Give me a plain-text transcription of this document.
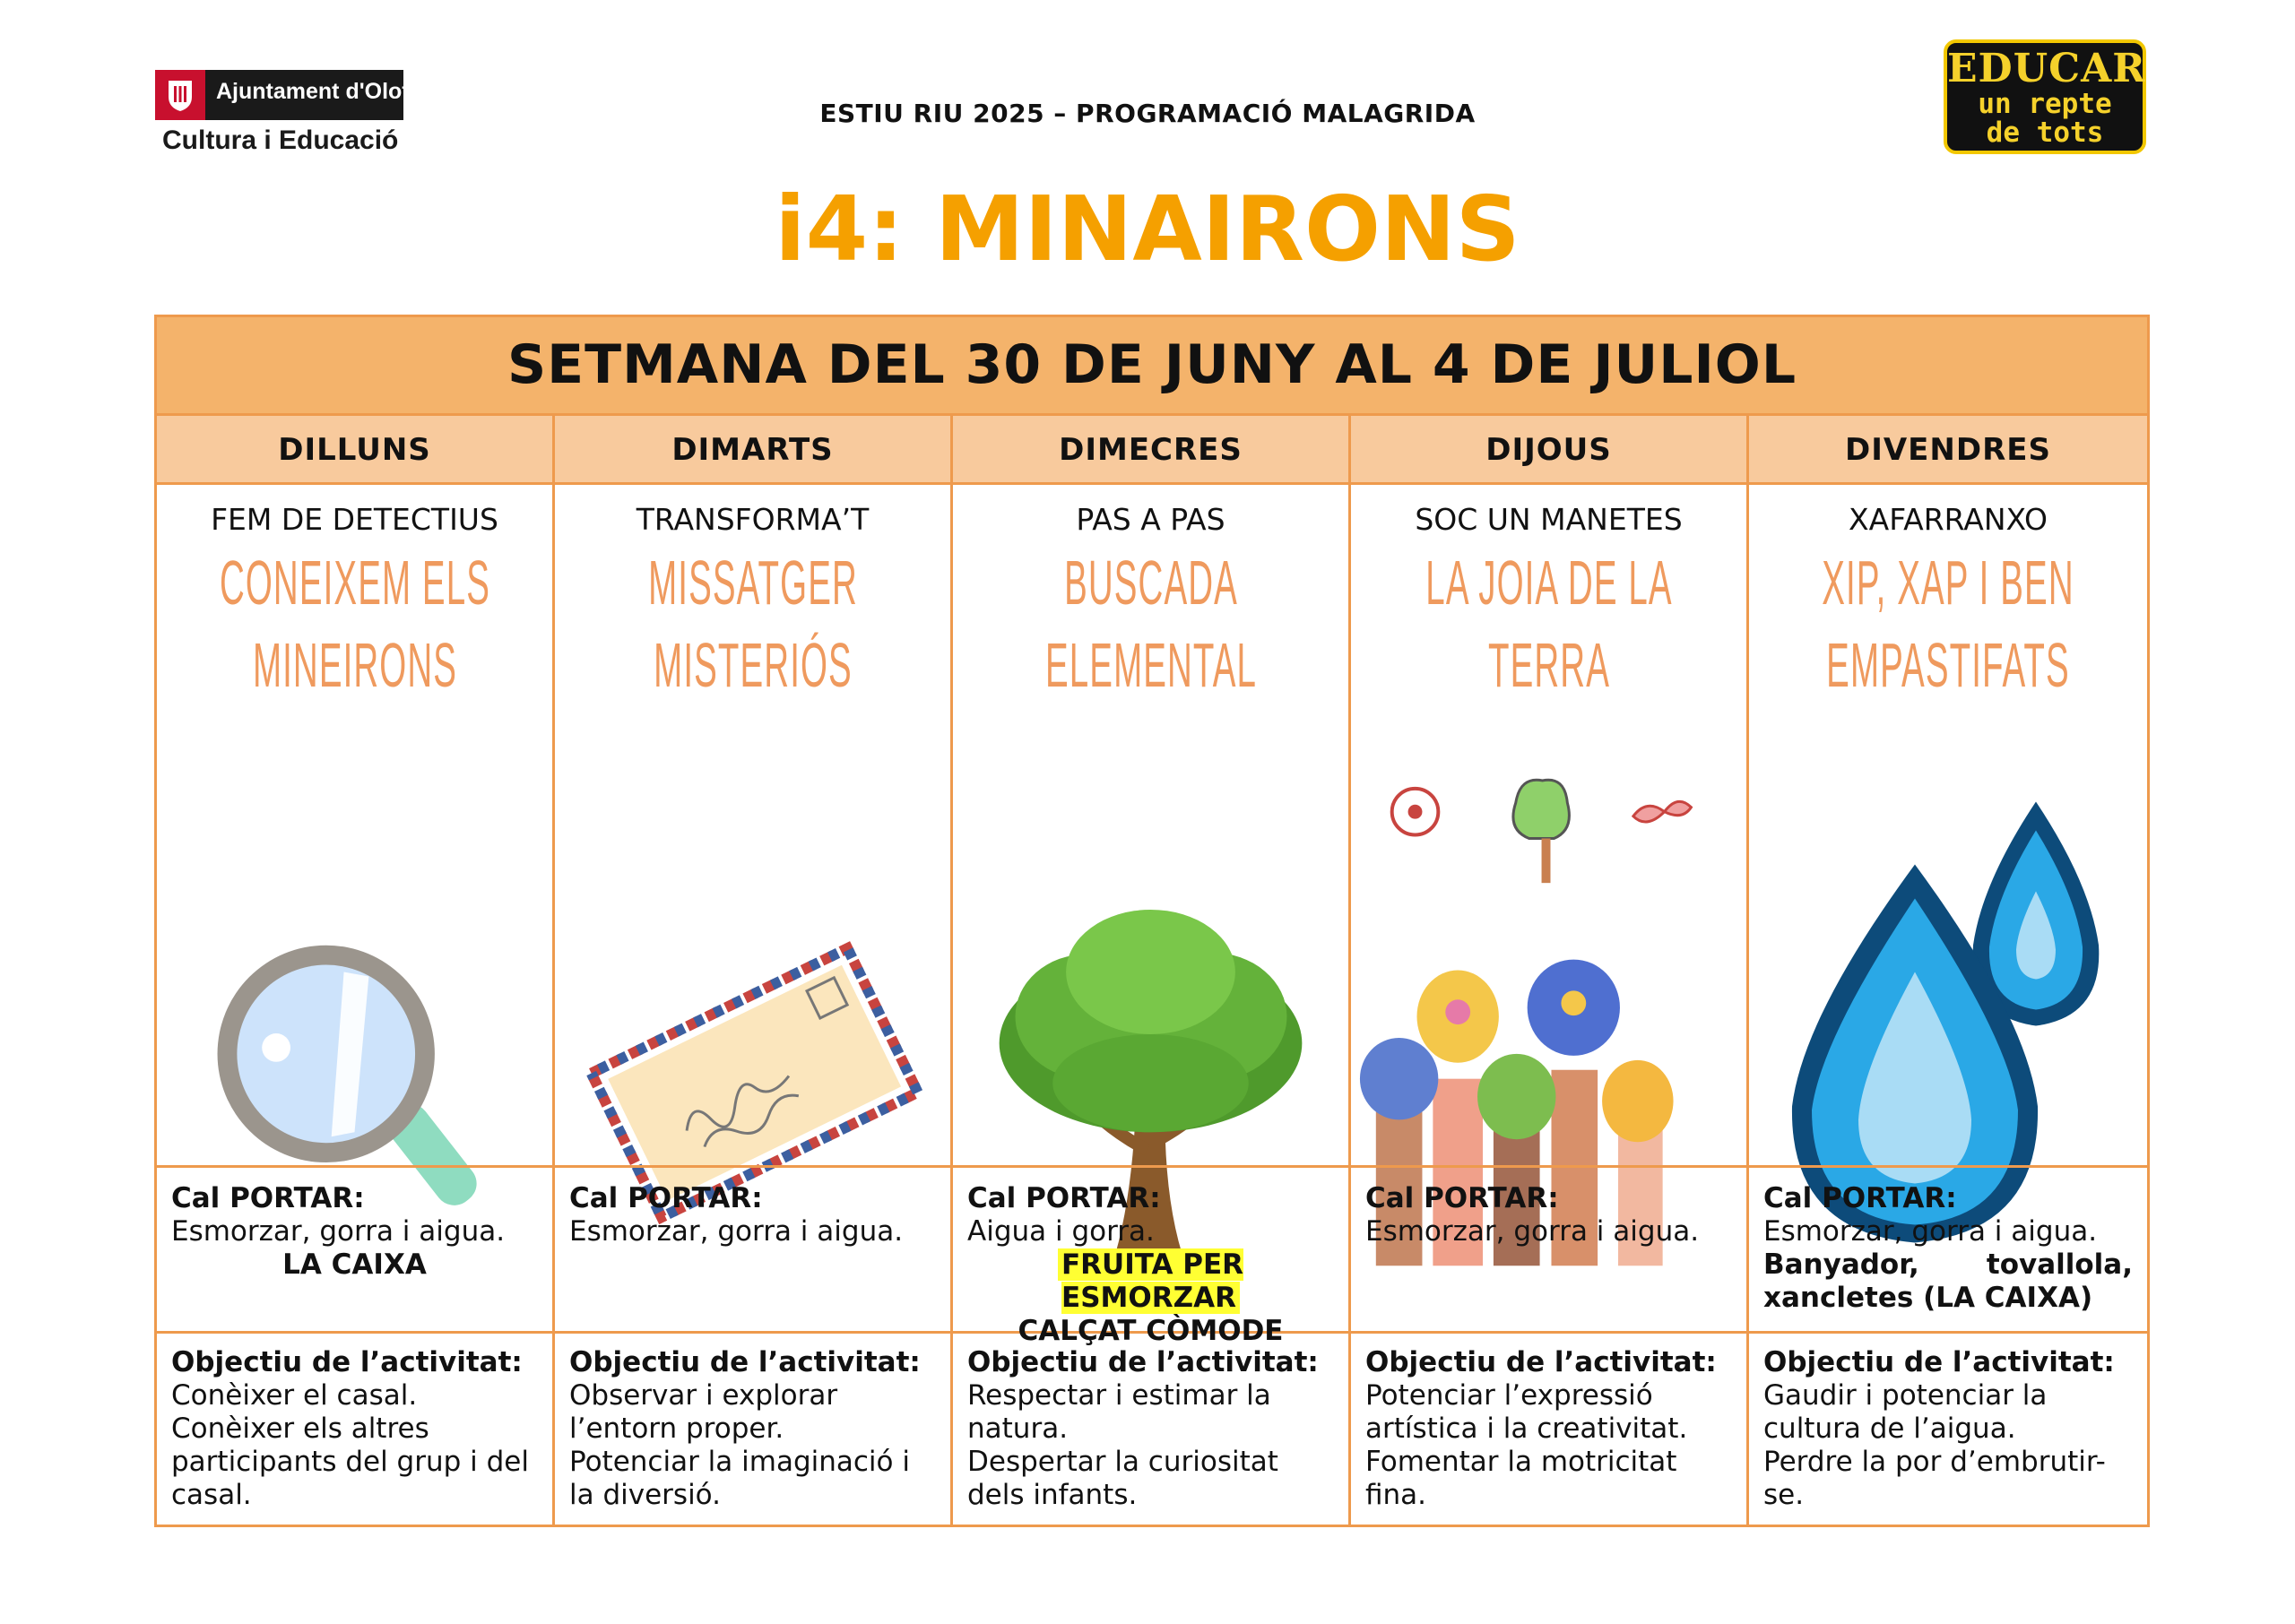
Ajuntament d'Olot
Cultura i Educació
ESTIU RIU 2025 – PROGRAMACIÓ MALAGRIDA
EDUCAR
un repte
de tots
i4: MINAIRONS
SETMANA DEL 30 DE JUNY AL 4 DE JULIOL
DILLUNS
FEM DE DETECTIUS
CONEIXEM ELS MINEIRONS
Cal PORTAR:
Esmorzar, gorra i aigua.
LA CAIXA
Objectiu de l’activitat:
Conèixer el casal.
Conèixer els altres participants del grup i del casal.
DIMARTS
TRANSFORMA’T
MISSATGER MISTERIÓS
Cal PORTAR:
Esmorzar, gorra i aigua.
Objectiu de l’activitat:
Observar i explorar l’entorn proper.
Potenciar la imaginació i la diversió.
DIMECRES
PAS A PAS
BUSCADA ELEMENTAL
Cal PORTAR:
Aigua i gorra.
FRUITA PER ESMORZAR
CALÇAT CÒMODE
Objectiu de l’activitat:
Respectar i estimar la natura.
Despertar la curiositat dels infants.
DIJOUS
SOC UN MANETES
LA JOIA DE LA TERRA
Cal PORTAR:
Esmorzar, gorra i aigua.
Objectiu de l’activitat:
Potenciar l’expressió artística i la creativitat.
Fomentar la motricitat fina.
DIVENDRES
XAFARRANXO
XIP, XAP I BEN EMPASTIFATS
Cal PORTAR:
Esmorzar, gorra i aigua.
Banyador, tovallola, xancletes (LA CAIXA)
Objectiu de l’activitat:
Gaudir i potenciar la cultura de l’aigua.
Perdre la por d’embrutir-se.
